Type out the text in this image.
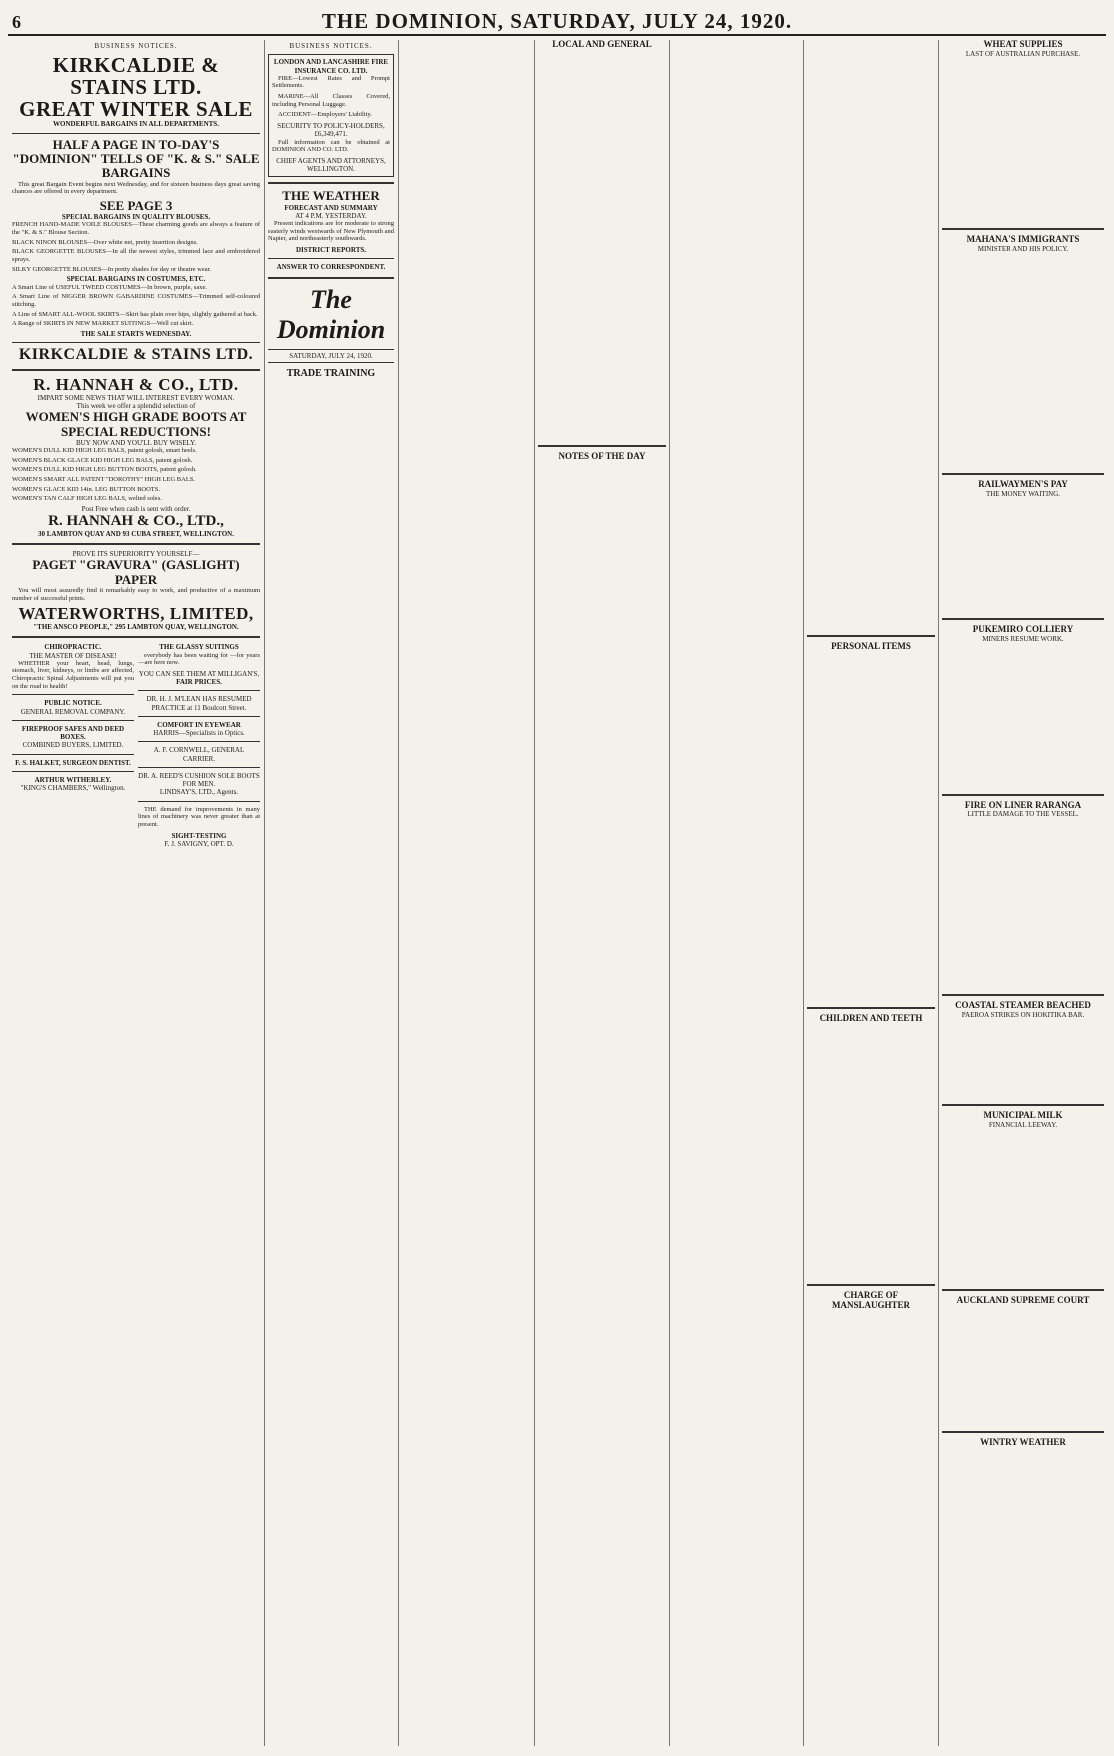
6	THE DOMINION, SATURDAY, JULY 24, 1920.
BUSINESS NOTICES.
KIRKCALDIE & STAINS LTD.
GREAT WINTER SALE
WONDERFUL BARGAINS IN ALL DEPARTMENTS.
HALF A PAGE IN TO-DAY'S "DOMINION" TELLS OF "K. & S." SALE BARGAINS

This great Bargain Event begins next Wednesday, and for sixteen business days great saving chances are offered in every department.

SEE PAGE 3
SPECIAL BARGAINS IN QUALITY BLOUSES.
FRENCH HAND-MADE VOILE BLOUSES—These charming goods are always a feature of the "K. & S." Blouse Section.
BLACK NINON BLOUSES—Over white net, pretty insertion designs.
BLACK GEORGETTE BLOUSES—In all the newest styles, trimmed lace and embroidered sprays.
SILKY GEORGETTE BLOUSES—In pretty shades for day or theatre wear.
SPECIAL BARGAINS IN COSTUMES, ETC.
A Smart Line of USEFUL TWEED COSTUMES—In brown, purple, saxe.
A Smart Line of NIGGER BROWN GABARDINE COSTUMES—Trimmed self-coloured stitching.
A Line of SMART ALL-WOOL SKIRTS—Skirt has plain over hips, slightly gathered at back.
A Range of SKIRTS IN NEW MARKET SUITINGS—Well cut skirt.
THE SALE STARTS WEDNESDAY.
KIRKCALDIE & STAINS LTD.
R. HANNAH & CO., LTD.
IMPART SOME NEWS THAT WILL INTEREST EVERY WOMAN.
This week we offer a splendid selection of
WOMEN'S HIGH GRADE BOOTS AT SPECIAL REDUCTIONS!
BUY NOW AND YOU'LL BUY WISELY.
WOMEN'S DULL KID HIGH LEG BALS, patent golosh, smart heels.
WOMEN'S BLACK GLACE KID HIGH LEG BALS, patent golosh.
WOMEN'S DULL KID HIGH LEG BUTTON BOOTS, patent golosh.
WOMEN'S SMART ALL PATENT "DOROTHY" HIGH LEG BALS.
WOMEN'S GLACE KID 14in. LEG BUTTON BOOTS.
WOMEN'S TAN CALF HIGH LEG BALS, welted soles.
Post Free when cash is sent with order.
R. HANNAH & CO., LTD.,
30 LAMBTON QUAY AND 93 CUBA STREET, WELLINGTON.
PROVE ITS SUPERIORITY YOURSELF—
PAGET "GRAVURA" (GASLIGHT) PAPER

You will most assuredly find it remarkably easy to work, and productive of a maximum number of successful prints.

WATERWORTHS, LIMITED,
"THE ANSCO PEOPLE," 295 LAMBTON QUAY, WELLINGTON.
CHIROPRACTIC.
THE MASTER OF DISEASE!

WHETHER your heart, head, lungs, stomach, liver, kidneys, or limbs are affected, Chiropractic Spinal Adjustments will put you on the road to health!

PUBLIC NOTICE.
GENERAL REMOVAL COMPANY.
FIREPROOF SAFES AND DEED BOXES.
COMBINED BUYERS, LIMITED.
F. S. HALKET, SURGEON DENTIST.
ARTHUR WITHERLEY.
"KING'S CHAMBERS," Wellington.
THE GLASSY SUITINGS

everybody has been waiting for —for years—are here now.

YOU CAN SEE THEM AT MILLIGAN'S,
FAIR PRICES.
DR. H. J. M'LEAN HAS RESUMED PRACTICE at 11 Boulcott Street.
COMFORT IN EYEWEAR
HARRIS—Specialists in Optics.
A. F. CORNWELL, GENERAL CARRIER.
DR. A. REED'S CUSHION SOLE BOOTS FOR MEN.
LINDSAY'S, LTD., Agents.

THE demand for improvements in many lines of machinery was never greater than at present.

SIGHT-TESTING
F. J. SAVIGNY, OPT. D.
BUSINESS NOTICES.
LONDON AND LANCASHIRE FIRE INSURANCE CO. LTD.

FIRE—Lowest Rates and Prompt Settlements.

MARINE—All Classes Covered, including Personal Luggage.

ACCIDENT—Employers' Liability.

SECURITY TO POLICY-HOLDERS, £6,349,471.

Full information can be obtained at DOMINION AND CO. LTD.

CHIEF AGENTS AND ATTORNEYS, WELLINGTON.
THE WEATHER
FORECAST AND SUMMARY
AT 4 P.M. YESTERDAY.

Present indications are for moderate to strong easterly winds westwards of New Plymouth and Napier, and northeasterly southwards.

DISTRICT REPORTS.
ANSWER TO CORRESPONDENT.
The Dominion
SATURDAY, JULY 24, 1920.
TRADE TRAINING
LOCAL AND GENERAL
NOTES OF THE DAY
PERSONAL ITEMS
CHILDREN AND TEETH
CHARGE OF MANSLAUGHTER
WHEAT SUPPLIES
LAST OF AUSTRALIAN PURCHASE.
MAHANA'S IMMIGRANTS
MINISTER AND HIS POLICY.
RAILWAYMEN'S PAY
THE MONEY WAITING.
PUKEMIRO COLLIERY
MINERS RESUME WORK.
FIRE ON LINER RARANGA
LITTLE DAMAGE TO THE VESSEL.
COASTAL STEAMER BEACHED
PAEROA STRIKES ON HOKITIKA BAR.
MUNICIPAL MILK
FINANCIAL LEEWAY.
AUCKLAND SUPREME COURT
WINTRY WEATHER
